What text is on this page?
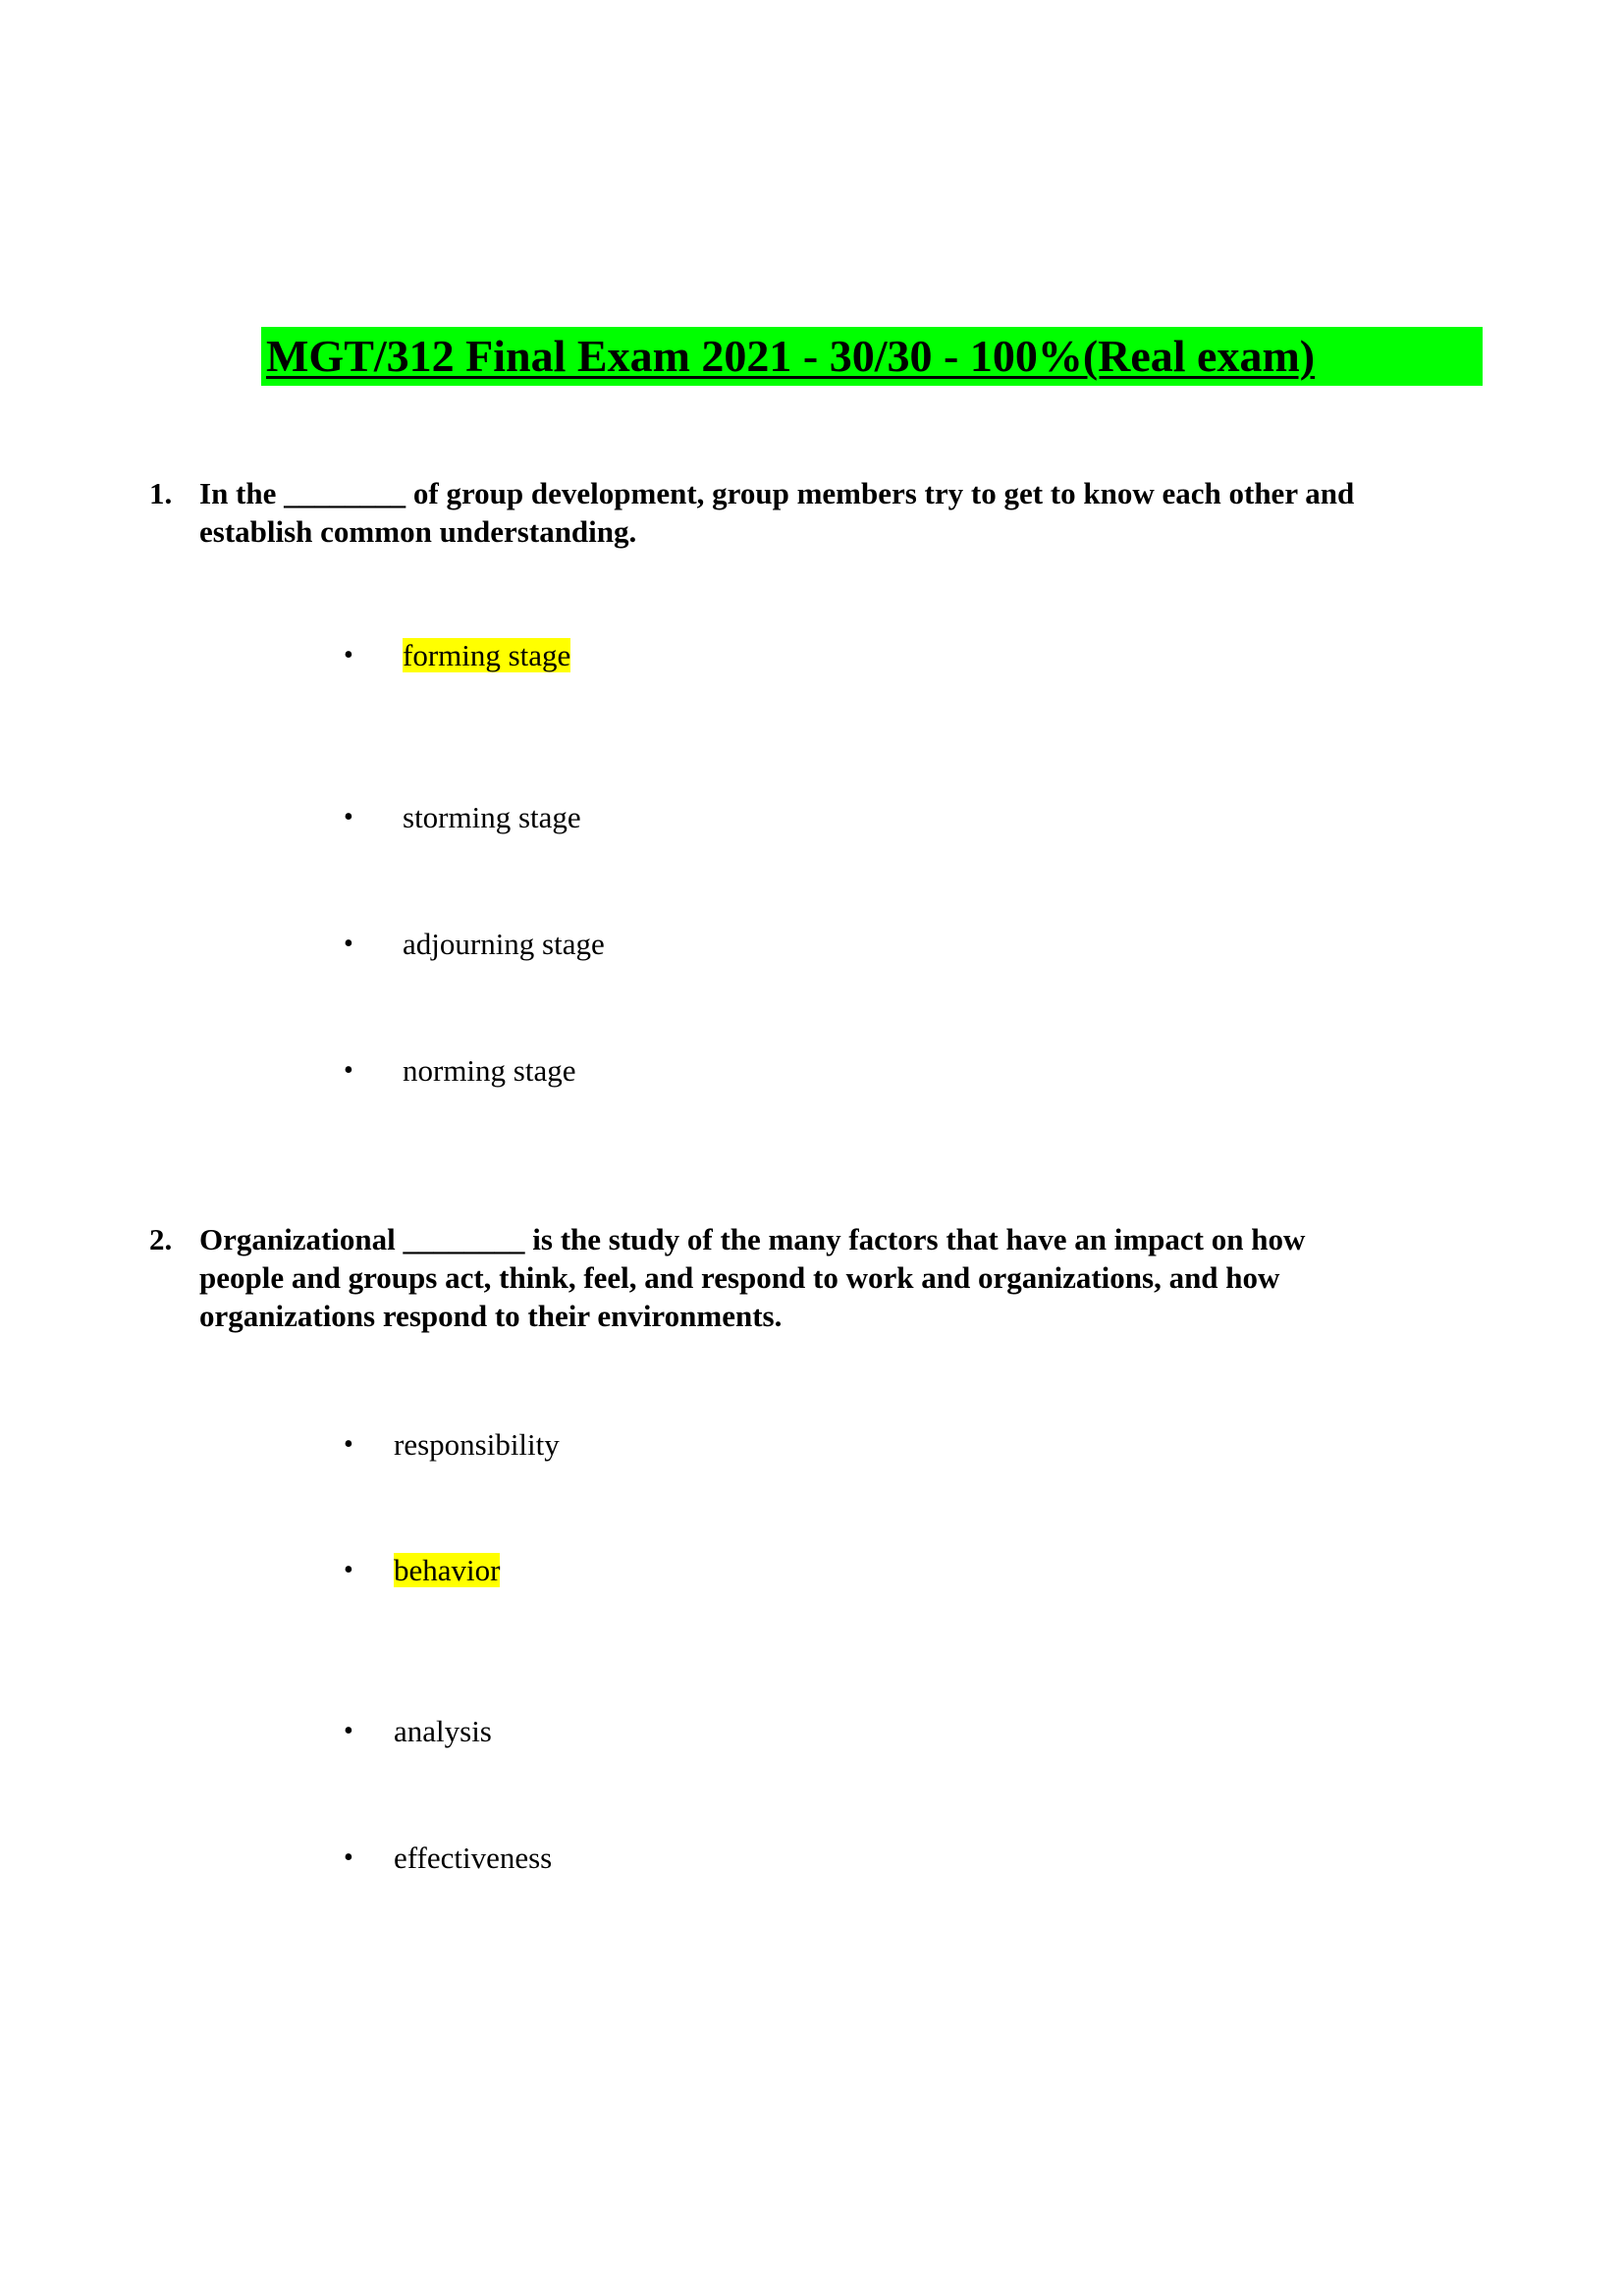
MGT/312 Final Exam 2021 - 30/30 - 100%(Real exam)
1. In the ________ of group development, group members try to get to know each other and
establish common understanding.
• forming stage
• storming stage
• adjourning stage
• norming stage
2. Organizational ________ is the study of the many factors that have an impact on how
people and groups act, think, feel, and respond to work and organizations, and how
organizations respond to their environments.
• responsibility
• behavior
• analysis
• effectiveness
